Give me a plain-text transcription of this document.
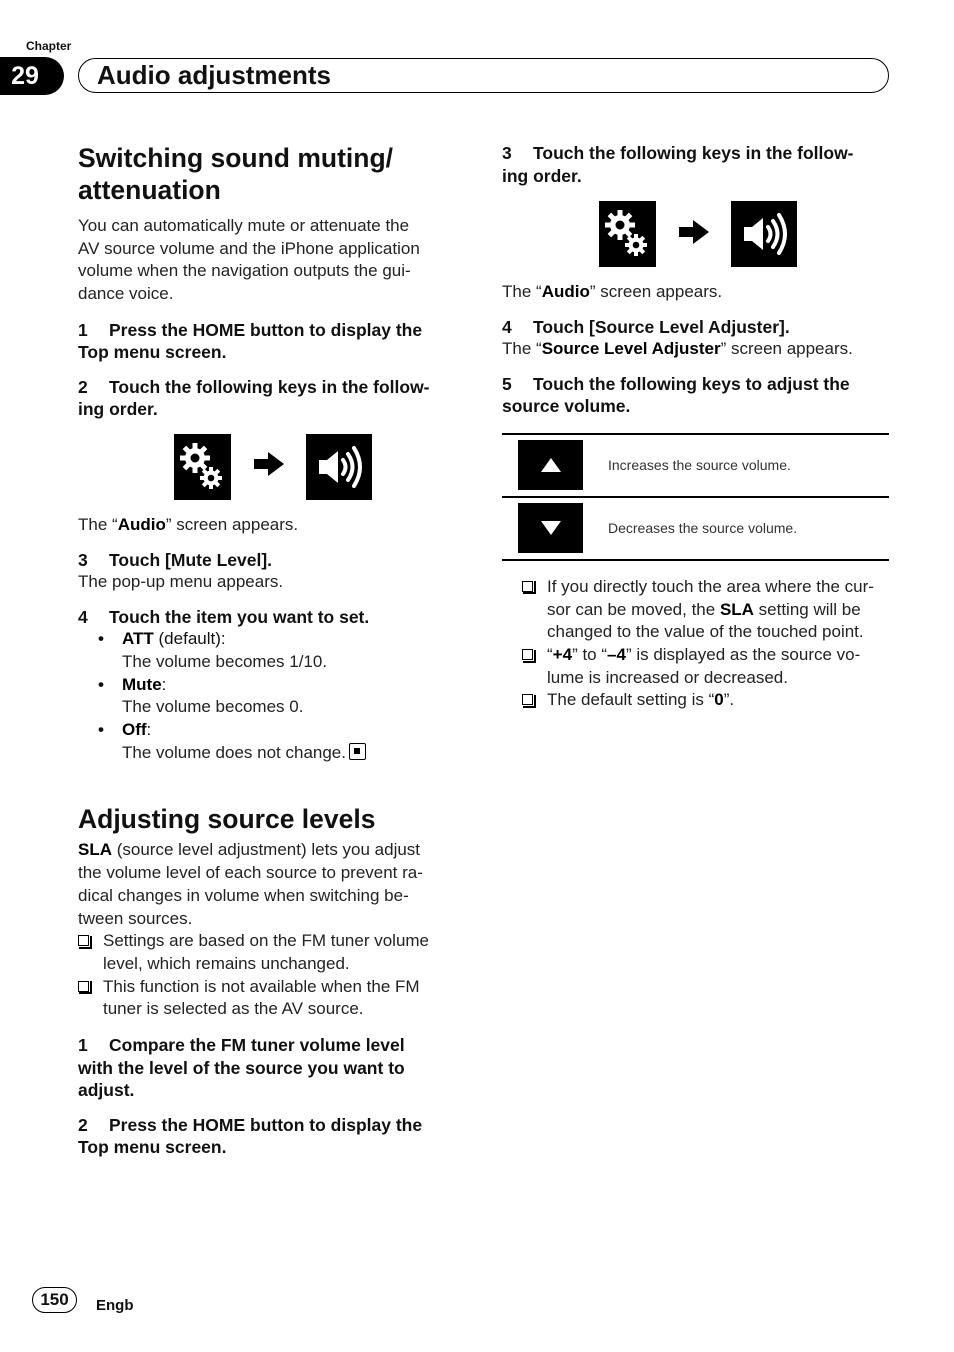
Chapter
29	Audio adjustments
Switching sound muting/
attenuation

You can automatically mute or attenuate the
AV source volume and the iPhone application
volume when the navigation outputs the gui-
dance voice.

1 Press the HOME button to display the
Top menu screen.

2 Touch the following keys in the follow-
ing order.

The “Audio” screen appears.

3 Touch [Mute Level].

The pop-up menu appears.

4 Touch the item you want to set.

• ATT (default):
The volume becomes 1/10.
• Mute:
The volume becomes 0.
• Off:
The volume does not change.
Adjusting source levels

SLA (source level adjustment) lets you adjust
the volume level of each source to prevent ra-
dical changes in volume when switching be-
tween sources.

Settings are based on the FM tuner volume
level, which remains unchanged.
This function is not available when the FM
tuner is selected as the AV source.

1 Compare the FM tuner volume level
with the level of the source you want to
adjust.

2 Press the HOME button to display the
Top menu screen.

3 Touch the following keys in the follow-
ing order.

The “Audio” screen appears.

4 Touch [Source Level Adjuster].

The “Source Level Adjuster” screen appears.

5 Touch the following keys to adjust the
source volume.

Increases the source volume.
Decreases the source volume.
If you directly touch the area where the cur-
sor can be moved, the SLA setting will be
changed to the value of the touched point.
“+4” to “–4” is displayed as the source vo-
lume is increased or decreased.
The default setting is “0”.
150	Engb
